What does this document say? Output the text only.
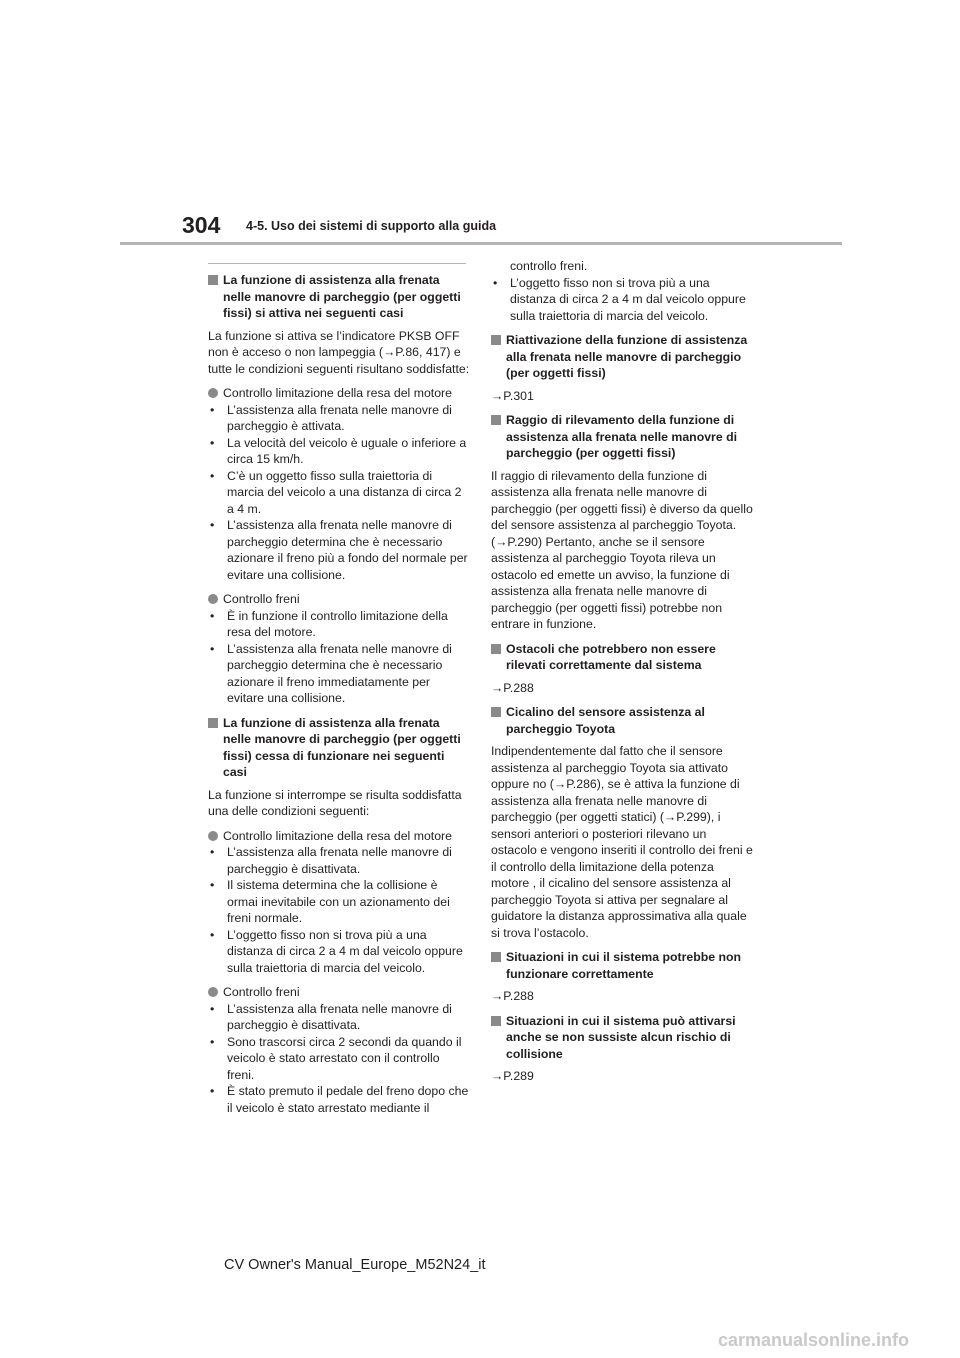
304 4-5. Uso dei sistemi di supporto alla guida
La funzione di assistenza alla frenata nelle manovre di parcheggio (per oggetti fissi) si attiva nei seguenti casi

La funzione si attiva se l’indicatore PKSB OFF non è acceso o non lampeggia (→P.86, 417) e tutte le condizioni seguenti risultano soddisfatte:

Controllo limitazione della resa del motore
• L’assistenza alla frenata nelle manovre di parcheggio è attivata.
• La velocità del veicolo è uguale o inferiore a circa 15 km/h.
• C’è un oggetto fisso sulla traiettoria di marcia del veicolo a una distanza di circa 2 a 4 m.
• L’assistenza alla frenata nelle manovre di parcheggio determina che è necessario azionare il freno più a fondo del normale per evitare una collisione.
Controllo freni
• È in funzione il controllo limitazione della resa del motore.
• L’assistenza alla frenata nelle manovre di parcheggio determina che è necessario azionare il freno immediatamente per evitare una collisione.
La funzione di assistenza alla frenata nelle manovre di parcheggio (per oggetti fissi) cessa di funzionare nei seguenti casi

La funzione si interrompe se risulta soddisfatta una delle condizioni seguenti:

Controllo limitazione della resa del motore
• L’assistenza alla frenata nelle manovre di parcheggio è disattivata.
• Il sistema determina che la collisione è ormai inevitabile con un azionamento dei freni normale.
• L’oggetto fisso non si trova più a una distanza di circa 2 a 4 m dal veicolo oppure sulla traiettoria di marcia del veicolo.
Controllo freni
• L’assistenza alla frenata nelle manovre di parcheggio è disattivata.
• Sono trascorsi circa 2 secondi da quando il veicolo è stato arrestato con il controllo freni.
• È stato premuto il pedale del freno dopo che il veicolo è stato arrestato mediante il
controllo freni.
• L’oggetto fisso non si trova più a una distanza di circa 2 a 4 m dal veicolo oppure sulla traiettoria di marcia del veicolo.
Riattivazione della funzione di assistenza alla frenata nelle manovre di parcheggio (per oggetti fissi)

→P.301

Raggio di rilevamento della funzione di assistenza alla frenata nelle manovre di parcheggio (per oggetti fissi)

Il raggio di rilevamento della funzione di assistenza alla frenata nelle manovre di parcheggio (per oggetti fissi) è diverso da quello del sensore assistenza al parcheggio Toyota. (→P.290) Pertanto, anche se il sensore assistenza al parcheggio Toyota rileva un ostacolo ed emette un avviso, la funzione di assistenza alla frenata nelle manovre di parcheggio (per oggetti fissi) potrebbe non entrare in funzione.

Ostacoli che potrebbero non essere rilevati correttamente dal sistema

→P.288

Cicalino del sensore assistenza al parcheggio Toyota

Indipendentemente dal fatto che il sensore assistenza al parcheggio Toyota sia attivato oppure no (→P.286), se è attiva la funzione di assistenza alla frenata nelle manovre di parcheggio (per oggetti statici) (→P.299), i sensori anteriori o posteriori rilevano un ostacolo e vengono inseriti il controllo dei freni e il controllo della limitazione della potenza motore , il cicalino del sensore assistenza al parcheggio Toyota si attiva per segnalare al guidatore la distanza approssimativa alla quale si trova l’ostacolo.

Situazioni in cui il sistema potrebbe non funzionare correttamente

→P.288

Situazioni in cui il sistema può attivarsi anche se non sussiste alcun rischio di collisione

→P.289

CV Owner's Manual_Europe_M52N24_it
carmanualsonline.info
